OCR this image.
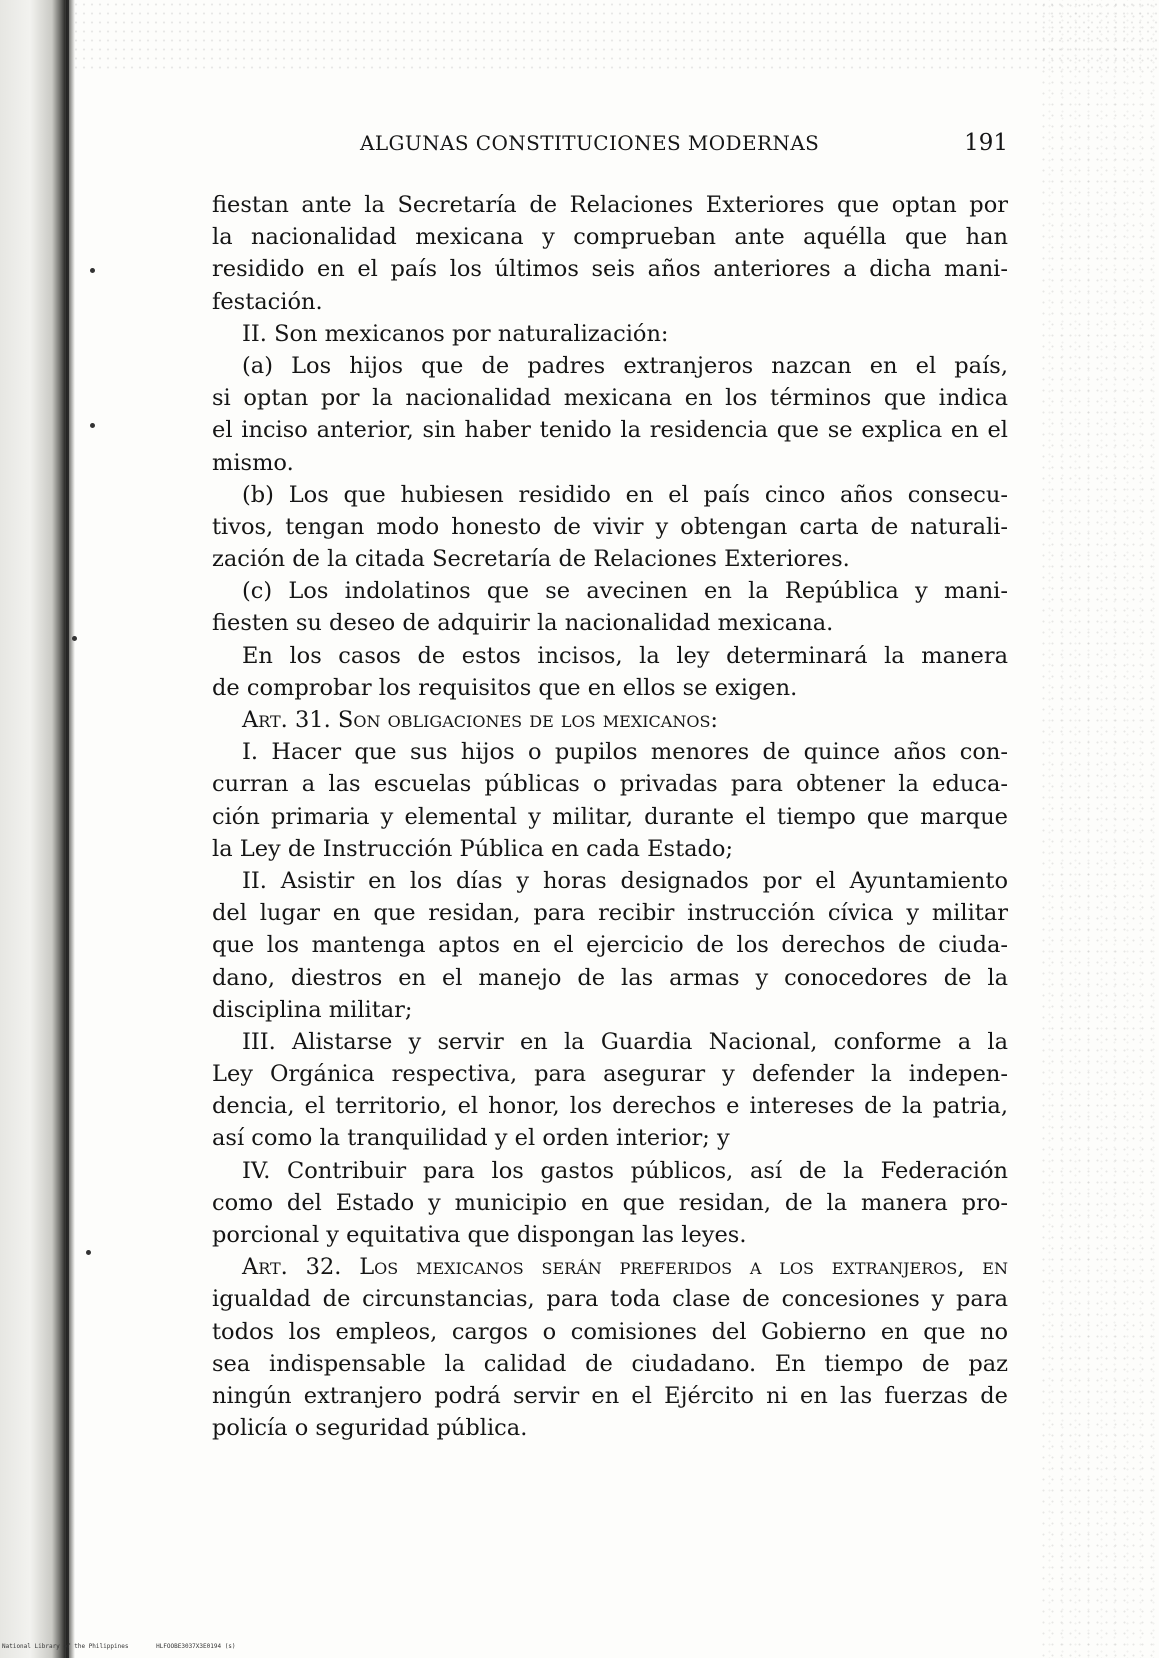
ALGUNAS CONSTITUCIONES MODERNAS	191
fiestan ante la Secretaría de Relaciones Exteriores que optan por
la nacionalidad mexicana y comprueban ante aquélla que han
residido en el país los últimos seis años anteriores a dicha mani-
festación.
II. Son mexicanos por naturalización:
(a) Los hijos que de padres extranjeros nazcan en el país,
si optan por la nacionalidad mexicana en los términos que indica
el inciso anterior, sin haber tenido la residencia que se explica en el
mismo.
(b) Los que hubiesen residido en el país cinco años consecu-
tivos, tengan modo honesto de vivir y obtengan carta de naturali-
zación de la citada Secretaría de Relaciones Exteriores.
(c) Los indolatinos que se avecinen en la República y mani-
fiesten su deseo de adquirir la nacionalidad mexicana.
En los casos de estos incisos, la ley determinará la manera
de comprobar los requisitos que en ellos se exigen.
Art. 31. Son obligaciones de los mexicanos:
I. Hacer que sus hijos o pupilos menores de quince años con-
curran a las escuelas públicas o privadas para obtener la educa-
ción primaria y elemental y militar, durante el tiempo que marque
la Ley de Instrucción Pública en cada Estado;
II. Asistir en los días y horas designados por el Ayuntamiento
del lugar en que residan, para recibir instrucción cívica y militar
que los mantenga aptos en el ejercicio de los derechos de ciuda-
dano, diestros en el manejo de las armas y conocedores de la
disciplina militar;
III. Alistarse y servir en la Guardia Nacional, conforme a la
Ley Orgánica respectiva, para asegurar y defender la indepen-
dencia, el territorio, el honor, los derechos e intereses de la patria,
así como la tranquilidad y el orden interior; y
IV. Contribuir para los gastos públicos, así de la Federación
como del Estado y municipio en que residan, de la manera pro-
porcional y equitativa que dispongan las leyes.
Art. 32. Los mexicanos serán preferidos a los extranjeros, en
igualdad de circunstancias, para toda clase de concesiones y para
todos los empleos, cargos o comisiones del Gobierno en que no
sea indispensable la calidad de ciudadano. En tiempo de paz
ningún extranjero podrá servir en el Ejército ni en las fuerzas de
policía o seguridad pública.
National Library of the Philippines	HLFOOBE3037X3E0194 (s)
